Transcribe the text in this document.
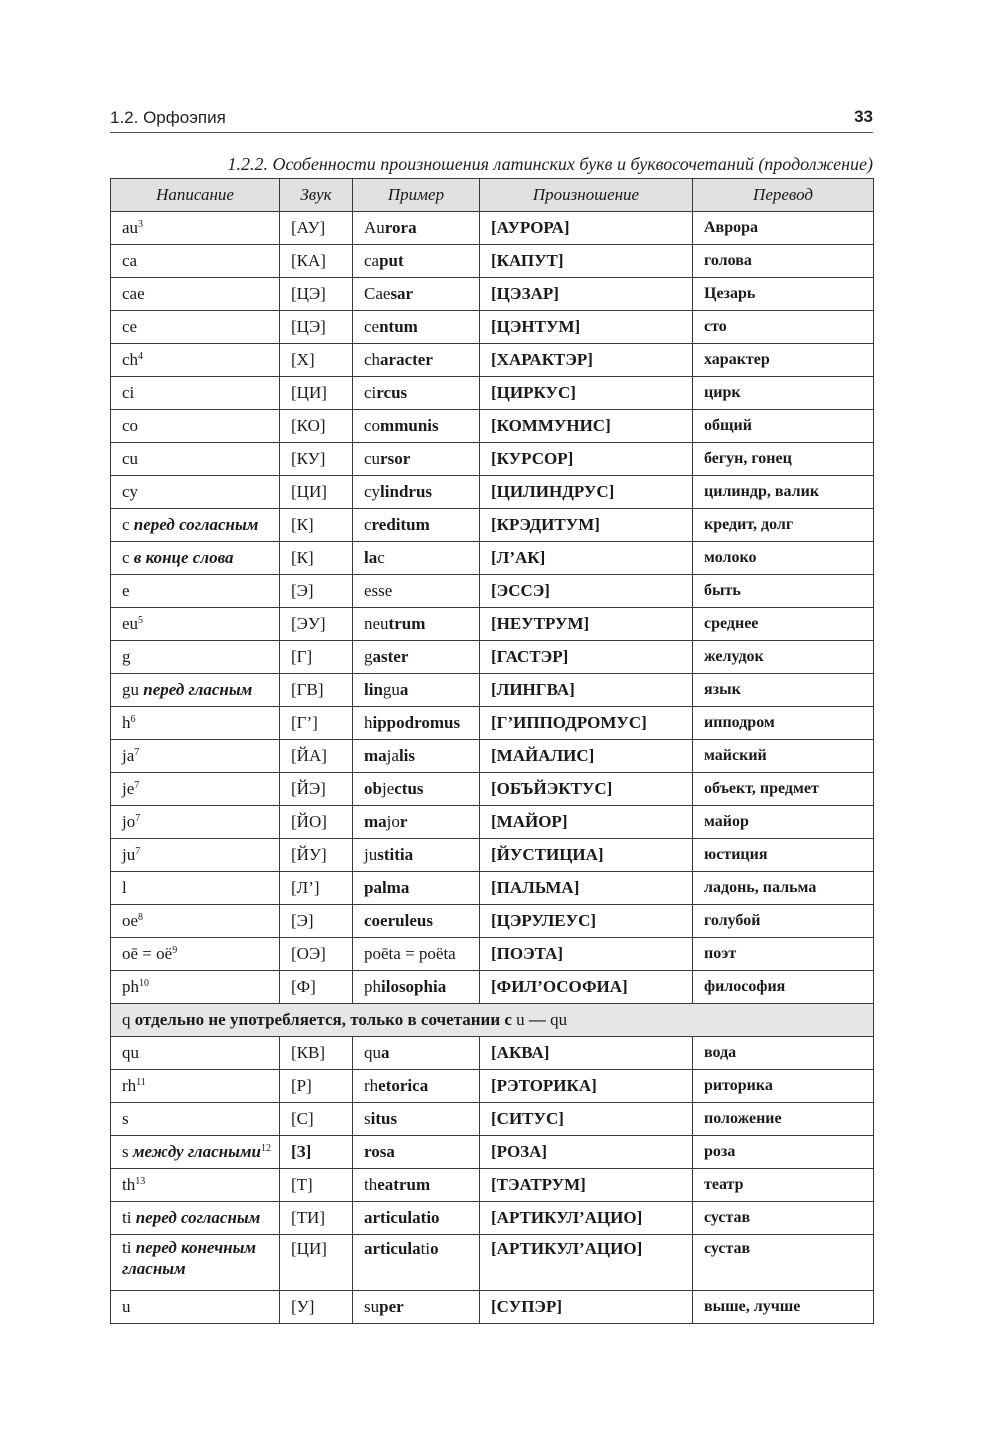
1.2. Орфоэпия	33
1.2.2. Особенности произношения латинских букв и буквосочетаний (продолжение)
Написание	Звук	Пример	Произношение	Перевод
$au^3$	[АУ]	Aurora	[АУРОРА]	Аврора
ca	[КА]	caput	[КАПУТ]	голова
cae	[ЦЭ]	Caesar	[ЦЭЗАР]	Цезарь
ce	[ЦЭ]	centum	[ЦЭНТУМ]	сто
$ch^4$	[Х]	character	[ХАРАКТЭР]	характер
ci	[ЦИ]	circus	[ЦИРКУС]	цирк
co	[КО]	communis	[КОММУНИС]	общий
cu	[КУ]	cursor	[КУРСОР]	бегун, гонец
cy	[ЦИ]	cylindrus	[ЦИЛИНДРУС]	цилиндр, валик
c перед согласным	[К]	creditum	[КРЭДИТУМ]	кредит, долг
c в конце слова	[К]	lac	[Л’АК]	молоко
e	[Э]	esse	[ЭССЭ]	быть
$eu^5$	[ЭУ]	neutrum	[НЕУТРУМ]	среднее
g	[Г]	gaster	[ГАСТЭР]	желудок
gu перед гласным	[ГВ]	lingua	[ЛИНГВА]	язык
$h^6$	[Г’]	hippodromus	[Г’ИППОДРОМУС]	ипподром
$ja^7$	[ЙА]	majalis	[МАЙАЛИС]	майский
$je^7$	[ЙЭ]	objectus	[ОБЪЙЭКТУС]	объект, предмет
$jo^7$	[ЙО]	major	[МАЙОР]	майор
$ju^7$	[ЙУ]	justitia	[ЙУСТИЦИА]	юстиция
l	[Л’]	palma	[ПАЛЬМА]	ладонь, пальма
$oe^8$	[Э]	coeruleus	[ЦЭРУЛЕУС]	голубой
oē = $oë^9$	[ОЭ]	poēta = poëta	[ПОЭТА]	поэт
$ph^{10}$	[Ф]	philosophia	[ФИЛ’ОСОФИА]	философия
q отдельно не употребляется, только в сочетании с u — qu				
qu	[КВ]	qua	[АКВА]	вода
$rh^{11}$	[Р]	rhetorica	[РЭТОРИКА]	риторика
s	[С]	situs	[СИТУС]	положение
s между гласными$^{12}$	[З]	rosa	[РОЗА]	роза
$th^{13}$	[Т]	theatrum	[ТЭАТРУМ]	театр
ti перед согласным	[ТИ]	articulatio	[АРТИКУЛ’АЦИО]	сустав
ti перед конечным гласным	[ЦИ]	articulatio	[АРТИКУЛ’АЦИО]	сустав
u	[У]	super	[СУПЭР]	выше, лучше
